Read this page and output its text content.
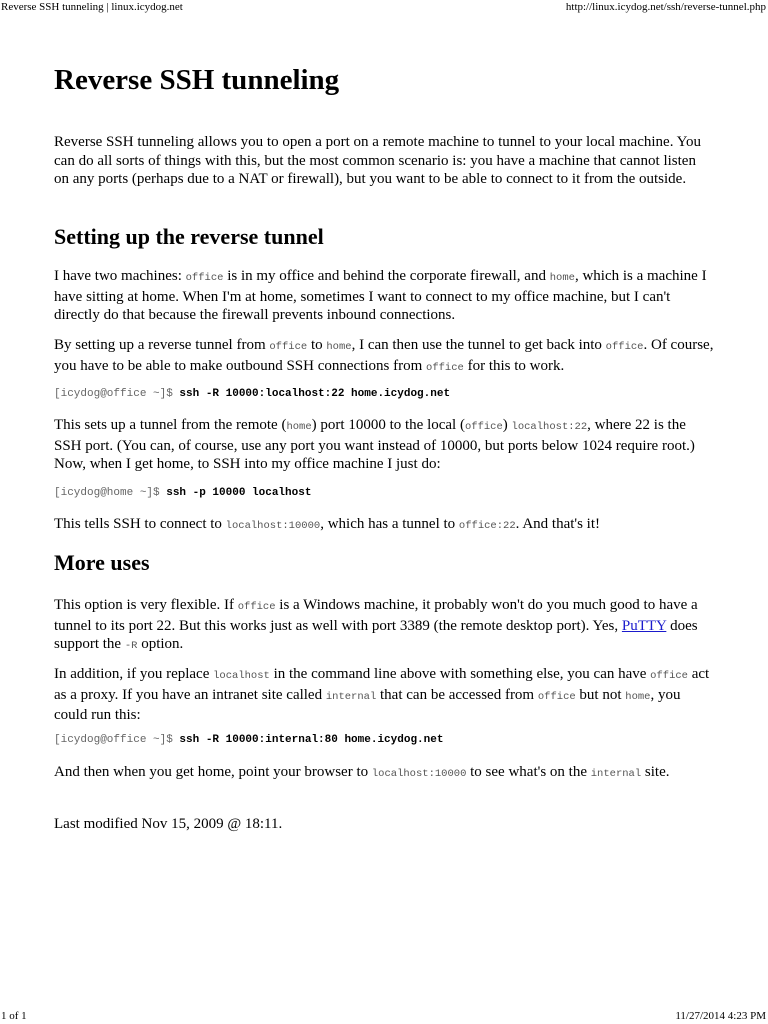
Reverse SSH tunneling | linux.icydog.net	http://linux.icydog.net/ssh/reverse-tunnel.php
Reverse SSH tunneling

Reverse SSH tunneling allows you to open a port on a remote machine to tunnel to your local machine. You can do all sorts of things with this, but the most common scenario is: you have a machine that cannot listen on any ports (perhaps due to a NAT or firewall), but you want to be able to connect to it from the outside.

Setting up the reverse tunnel

I have two machines: office is in my office and behind the corporate firewall, and home, which is a machine I have sitting at home. When I'm at home, sometimes I want to connect to my office machine, but I can't directly do that because the firewall prevents inbound connections.

By setting up a reverse tunnel from office to home, I can then use the tunnel to get back into office. Of course, you have to be able to make outbound SSH connections from office for this to work.

[icydog@office ~]$ ssh -R 10000:localhost:22 home.icydog.net

This sets up a tunnel from the remote (home) port 10000 to the local (office) localhost:22, where 22 is the SSH port. (You can, of course, use any port you want instead of 10000, but ports below 1024 require root.) Now, when I get home, to SSH into my office machine I just do:

[icydog@home ~]$ ssh -p 10000 localhost

This tells SSH to connect to localhost:10000, which has a tunnel to office:22. And that's it!

More uses

This option is very flexible. If office is a Windows machine, it probably won't do you much good to have a tunnel to its port 22. But this works just as well with port 3389 (the remote desktop port). Yes, PuTTY does support the -R option.

In addition, if you replace localhost in the command line above with something else, you can have office act as a proxy. If you have an intranet site called internal that can be accessed from office but not home, you could run this:

[icydog@office ~]$ ssh -R 10000:internal:80 home.icydog.net

And then when you get home, point your browser to localhost:10000 to see what's on the internal site.

Last modified Nov 15, 2009 @ 18:11.

1 of 1	11/27/2014 4:23 PM
